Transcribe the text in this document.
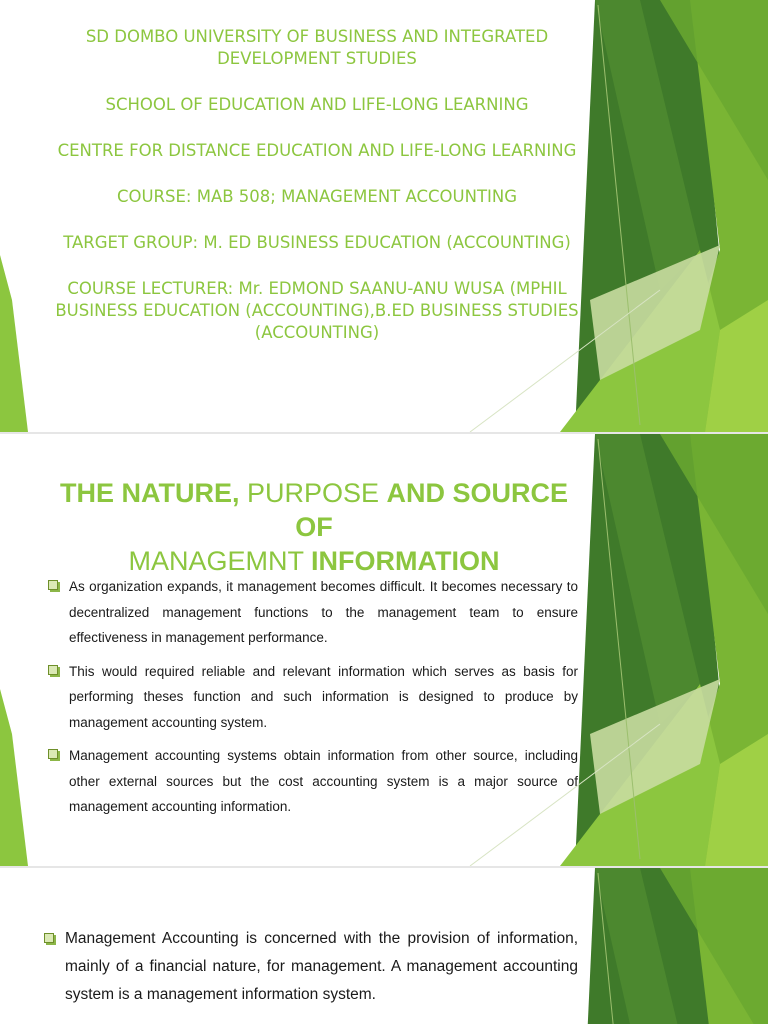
SD DOMBO UNIVERSITY OF BUSINESS AND INTEGRATED DEVELOPMENT STUDIES

SCHOOL OF EDUCATION AND LIFE-LONG LEARNING

CENTRE FOR DISTANCE EDUCATION AND LIFE-LONG LEARNING

COURSE: MAB 508; MANAGEMENT ACCOUNTING

TARGET GROUP: M. ED BUSINESS EDUCATION (ACCOUNTING)

COURSE LECTURER: Mr. EDMOND SAANU-ANU WUSA (MPHIL BUSINESS EDUCATION (ACCOUNTING),B.ED BUSINESS STUDIES (ACCOUNTING)

THE NATURE, PURPOSE AND SOURCE OF
MANAGEMNT INFORMATION
As organization expands, it management becomes difficult. It becomes necessary to decentralized management functions to the management team to ensure effectiveness in management performance.
This would required reliable and relevant information which serves as basis for performing theses function and such information is designed to produce by management accounting system.
Management accounting systems obtain information from other source, including other external sources but the cost accounting system is a major source of management accounting information.
Management Accounting is concerned with the provision of information, mainly of a financial nature, for management. A management accounting system is a management information system.
